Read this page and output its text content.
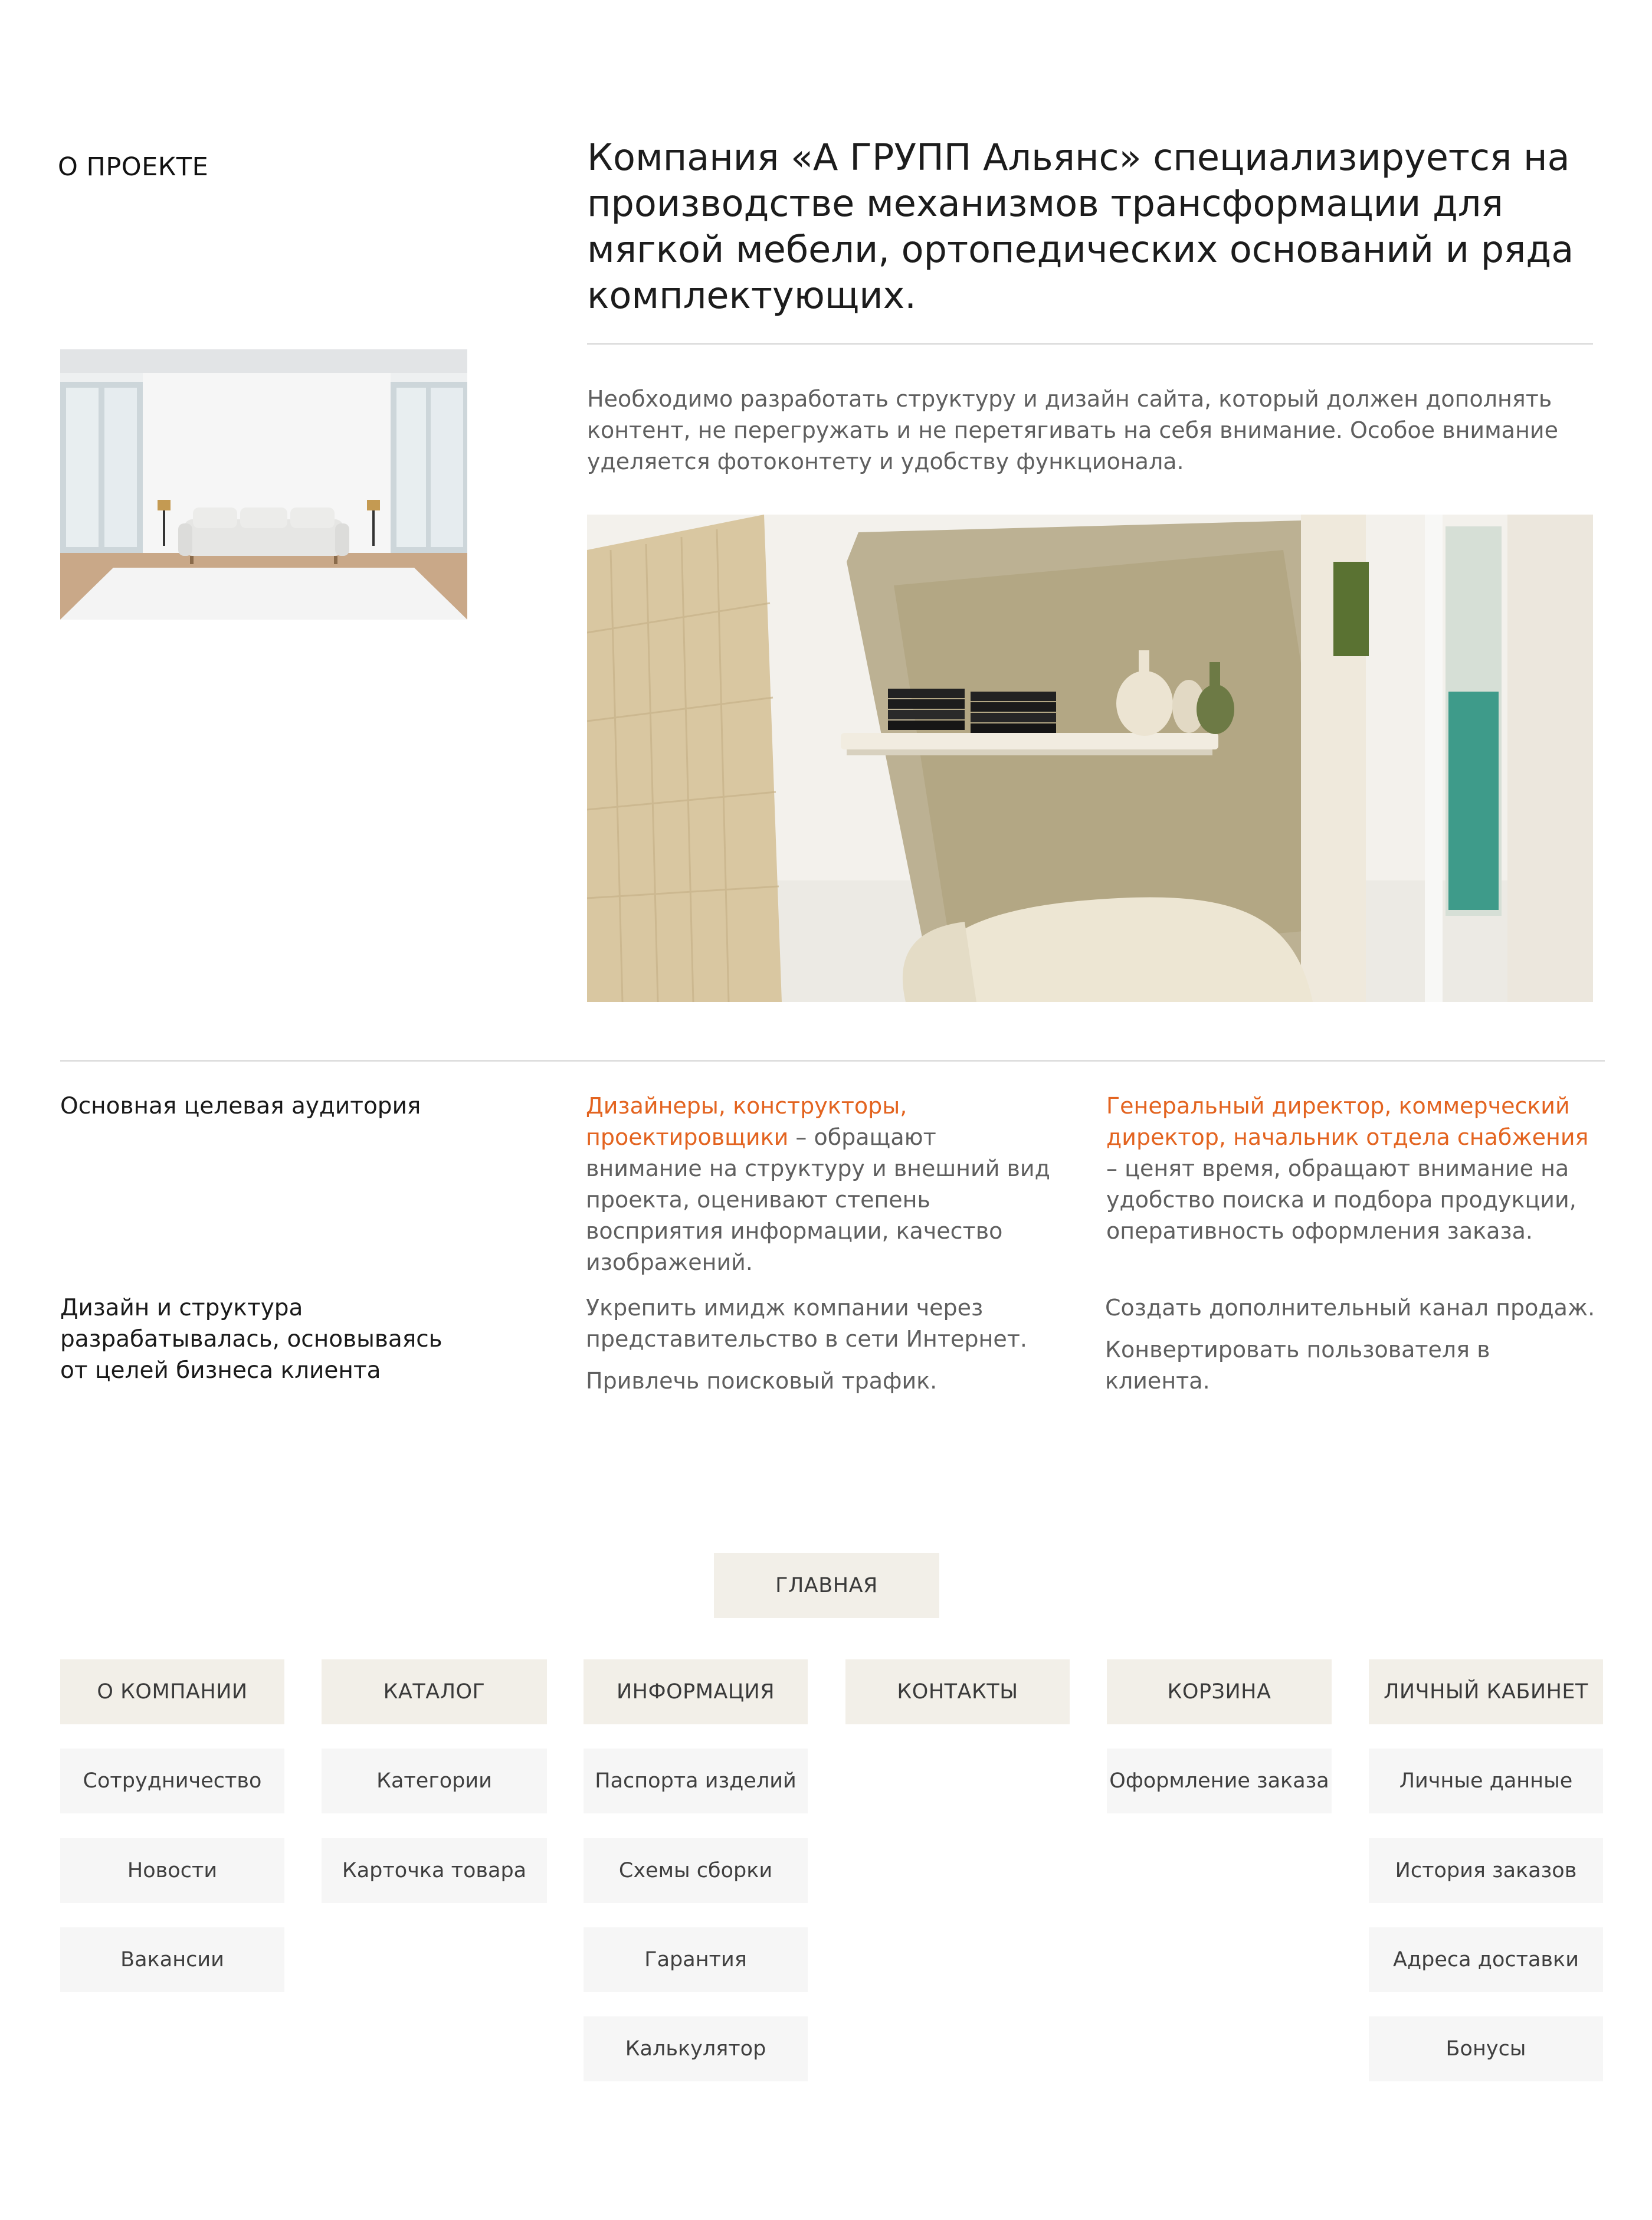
О ПРОЕКТЕ	Компания «А ГРУПП Альянс» специализируется на производстве механизмов трансформации для мягкой мебели, ортопедических оснований и ряда комплектующих.
Необходимо разработать структуру и дизайн сайта, который должен дополнять контент, не перегружать и не перетягивать на себя внимание. Особое внимание уделяется фотоконтету и удобству функционала.
Основная целевая аудитория	Дизайнеры, конструкторы, проектировщики – обращают внимание на структуру и внешний вид проекта, оценивают степень восприятия информации, качество изображений.
Генеральный директор, коммерческий директор, начальник отдела снабжения – ценят время, обращают внимание на удобство поиска и подбора продукции, оперативность оформления заказа.
Дизайн и структура разрабатывалась, основываясь от целей бизнеса клиента

Укрепить имидж компании через представительство в сети Интернет.

Привлечь поисковый трафик.

Создать дополнительный канал продаж.

Конвертировать пользователя в клиента.

ГЛАВНАЯ
О КОМПАНИИ	КАТАЛОГ	ИНФОРМАЦИЯ	КОНТАКТЫ	КОРЗИНА	ЛИЧНЫЙ КАБИНЕТ
Сотрудничество
Новости
Вакансии
Категории
Карточка товара
Паспорта изделий
Схемы сборки
Гарантия
Калькулятор
Оформление заказа	Личные данные
История заказов
Адреса доставки
Бонусы
